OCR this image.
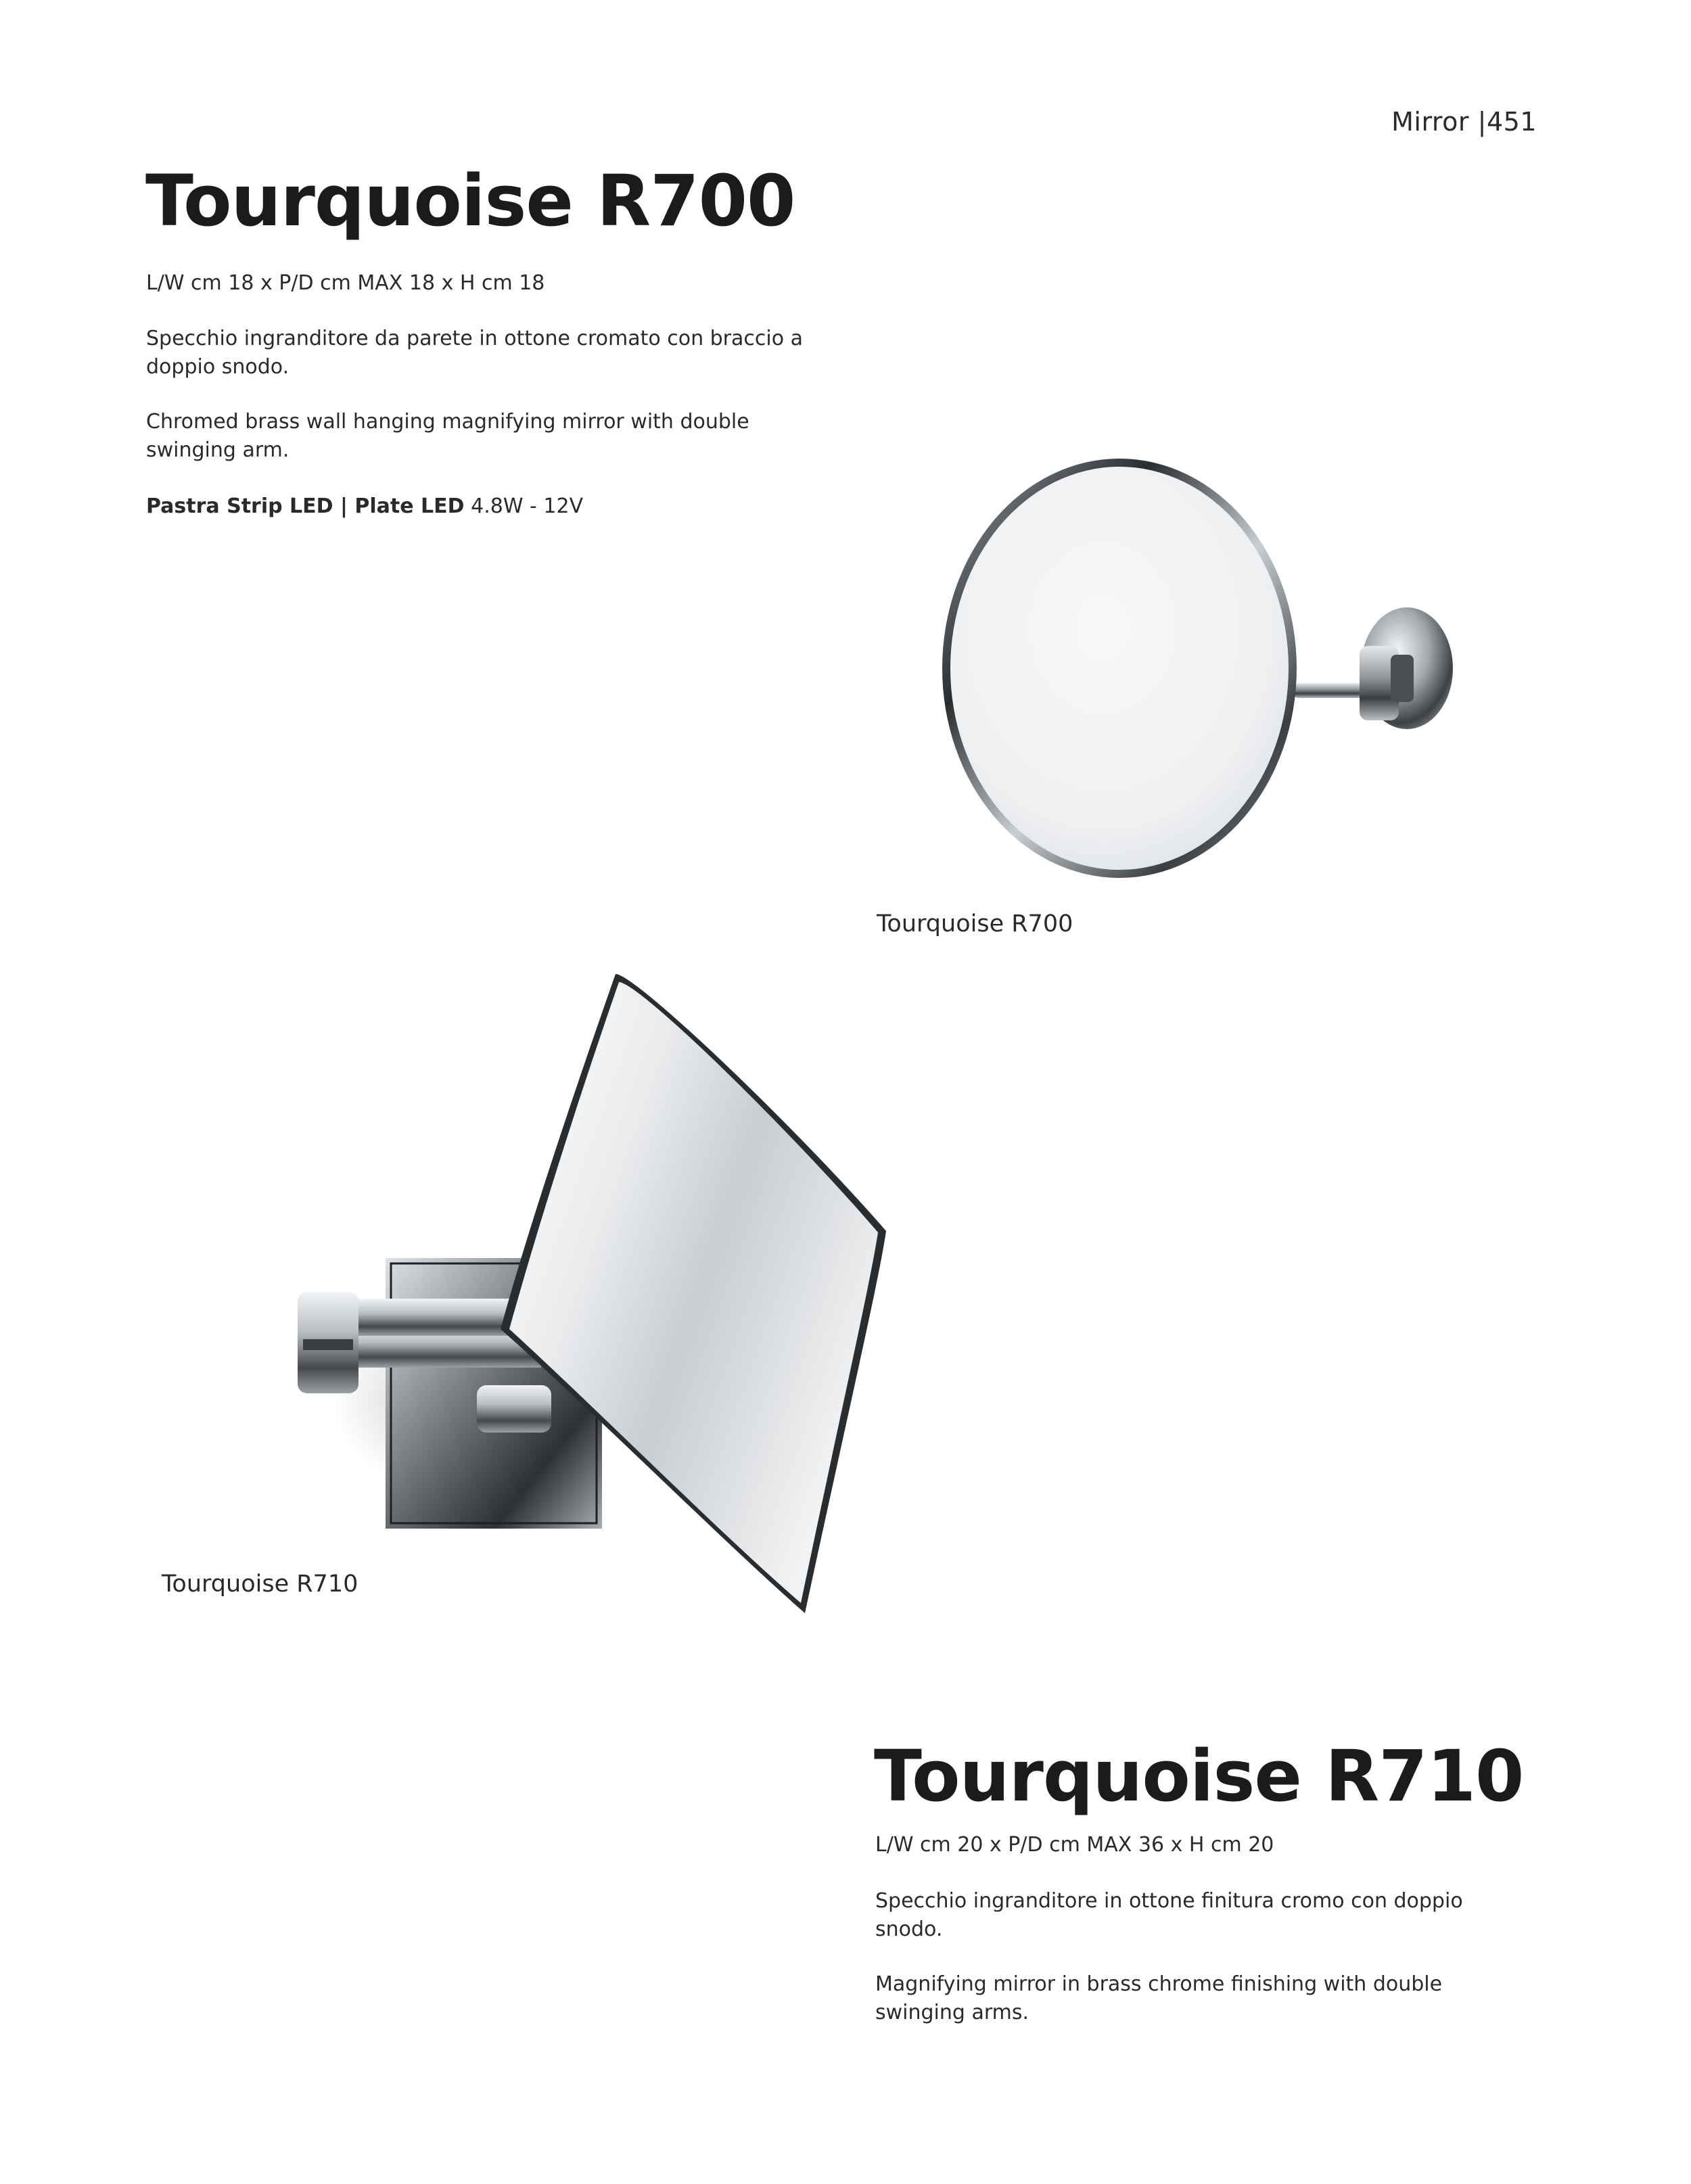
Mirror |451
Tourquoise R700

L/W cm 18 x P/D cm MAX 18 x H cm 18

Specchio ingranditore da parete in ottone cromato con braccio a doppio snodo.

Chromed brass wall hanging magnifying mirror with double swinging arm.

Pastra Strip LED | Plate LED 4.8W - 12V

Tourquoise R700

Tourquoise R710

Tourquoise R710

L/W cm 20 x P/D cm MAX 36 x H cm 20

Specchio ingranditore in ottone finitura cromo con doppio snodo.

Magnifying mirror in brass chrome finishing with double swinging arms.
